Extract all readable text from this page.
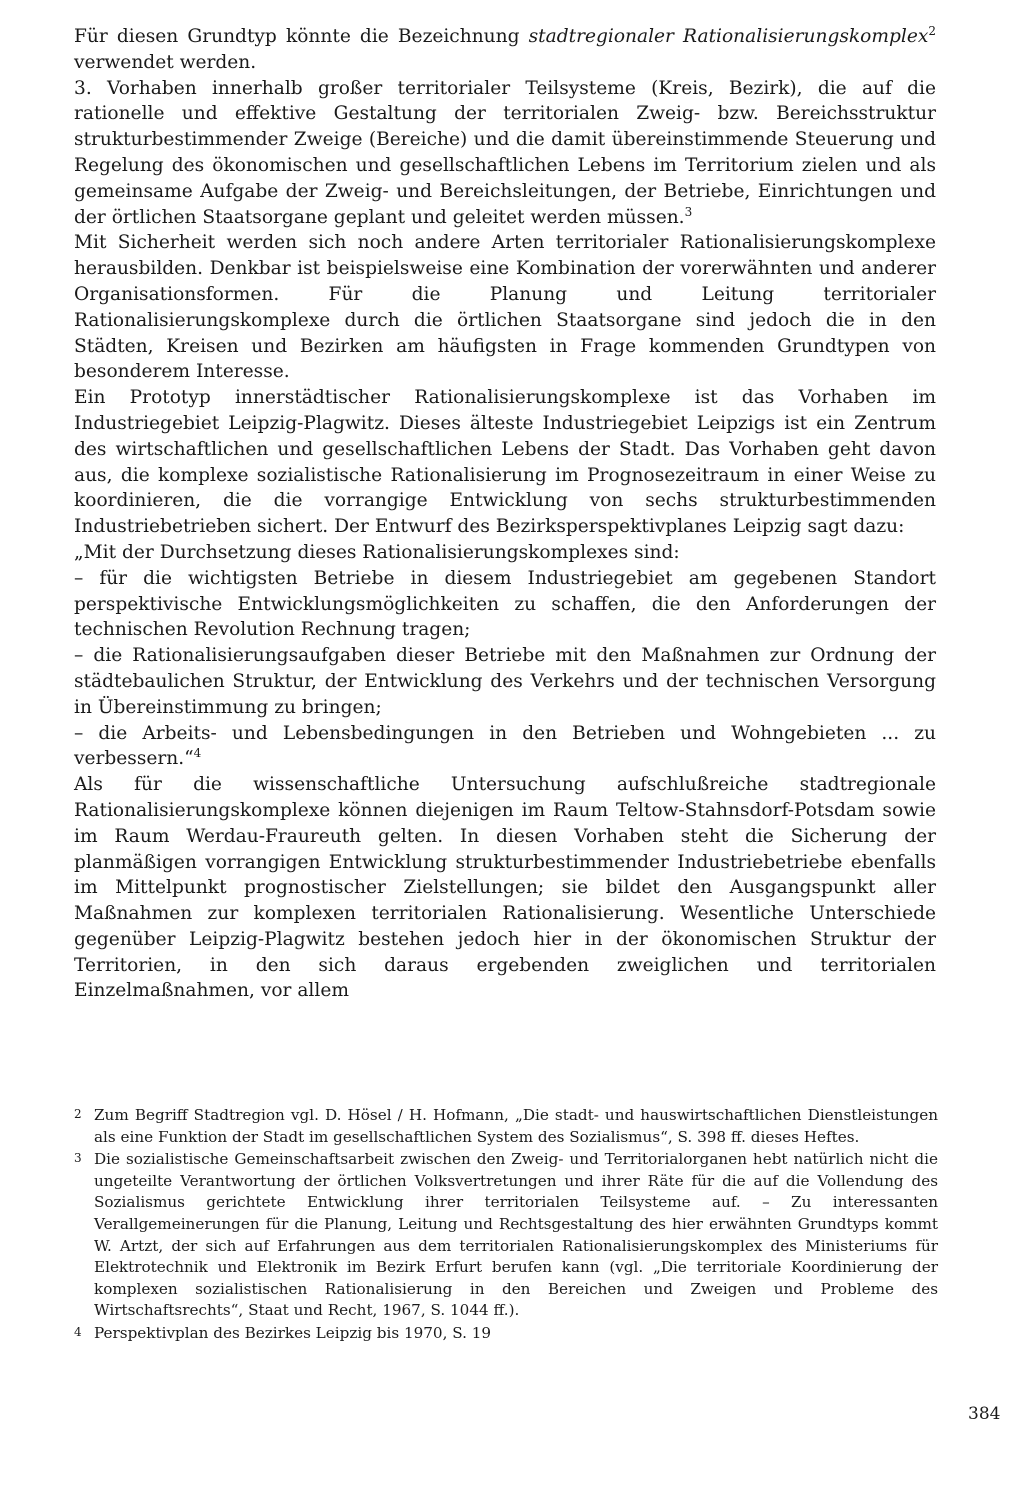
Für diesen Grundtyp könnte die Bezeichnung stadtregionaler Rationalisierungskomplex$^2$ verwendet werden.

3. Vorhaben innerhalb großer territorialer Teilsysteme (Kreis, Bezirk), die auf die rationelle und effektive Gestaltung der territorialen Zweig- bzw. Bereichsstruktur strukturbestimmender Zweige (Bereiche) und die damit übereinstimmende Steuerung und Regelung des ökonomischen und gesellschaftlichen Lebens im Territorium zielen und als gemeinsame Aufgabe der Zweig- und Bereichsleitungen, der Betriebe, Einrichtungen und der örtlichen Staatsorgane geplant und geleitet werden müssen.$^3$

Mit Sicherheit werden sich noch andere Arten territorialer Rationalisierungskomplexe herausbilden. Denkbar ist beispielsweise eine Kombination der vorerwähnten und anderer Organisationsformen. Für die Planung und Leitung territorialer Rationalisierungskomplexe durch die örtlichen Staatsorgane sind jedoch die in den Städten, Kreisen und Bezirken am häufigsten in Frage kommenden Grundtypen von besonderem Interesse.

Ein Prototyp innerstädtischer Rationalisierungskomplexe ist das Vorhaben im Industriegebiet Leipzig-Plagwitz. Dieses älteste Industriegebiet Leipzigs ist ein Zentrum des wirtschaftlichen und gesellschaftlichen Lebens der Stadt. Das Vorhaben geht davon aus, die komplexe sozialistische Rationalisierung im Prognosezeitraum in einer Weise zu koordinieren, die die vorrangige Entwicklung von sechs strukturbestimmenden Industriebetrieben sichert. Der Entwurf des Bezirksperspektivplanes Leipzig sagt dazu:

„Mit der Durchsetzung dieses Rationalisierungskomplexes sind:

– für die wichtigsten Betriebe in diesem Industriegebiet am gegebenen Standort perspektivische Entwicklungsmöglichkeiten zu schaffen, die den Anforderungen der technischen Revolution Rechnung tragen;

– die Rationalisierungsaufgaben dieser Betriebe mit den Maßnahmen zur Ordnung der städtebaulichen Struktur, der Entwicklung des Verkehrs und der technischen Versorgung in Übereinstimmung zu bringen;

– die Arbeits- und Lebensbedingungen in den Betrieben und Wohngebieten ... zu verbessern.“$^4$

Als für die wissenschaftliche Untersuchung aufschlußreiche stadtregionale Rationalisierungskomplexe können diejenigen im Raum Teltow-Stahnsdorf-Potsdam sowie im Raum Werdau-Fraureuth gelten. In diesen Vorhaben steht die Sicherung der planmäßigen vorrangigen Entwicklung strukturbestimmender Industriebetriebe ebenfalls im Mittelpunkt prognostischer Zielstellungen; sie bildet den Ausgangspunkt aller Maßnahmen zur komplexen territorialen Rationalisierung. Wesentliche Unterschiede gegenüber Leipzig-Plagwitz bestehen jedoch hier in der ökonomischen Struktur der Territorien, in den sich daraus ergebenden zweiglichen und territorialen Einzelmaßnahmen, vor allem

2 Zum Begriff Stadtregion vgl. D. Hösel / H. Hofmann, „Die stadt- und hauswirtschaftlichen Dienstleistungen als eine Funktion der Stadt im gesellschaftlichen System des Sozialismus“, S. 398 ff. dieses Heftes.

3 Die sozialistische Gemeinschaftsarbeit zwischen den Zweig- und Territorialorganen hebt natürlich nicht die ungeteilte Verantwortung der örtlichen Volksvertretungen und ihrer Räte für die auf die Vollendung des Sozialismus gerichtete Entwicklung ihrer territorialen Teilsysteme auf. – Zu interessanten Verallgemeinerungen für die Planung, Leitung und Rechtsgestaltung des hier erwähnten Grundtyps kommt W. Artzt, der sich auf Erfahrungen aus dem territorialen Rationalisierungskomplex des Ministeriums für Elektrotechnik und Elektronik im Bezirk Erfurt berufen kann (vgl. „Die territoriale Koordinierung der komplexen sozialistischen Rationalisierung in den Bereichen und Zweigen und Probleme des Wirtschaftsrechts“, Staat und Recht, 1967, S. 1044 ff.).

4 Perspektivplan des Bezirkes Leipzig bis 1970, S. 19

384
